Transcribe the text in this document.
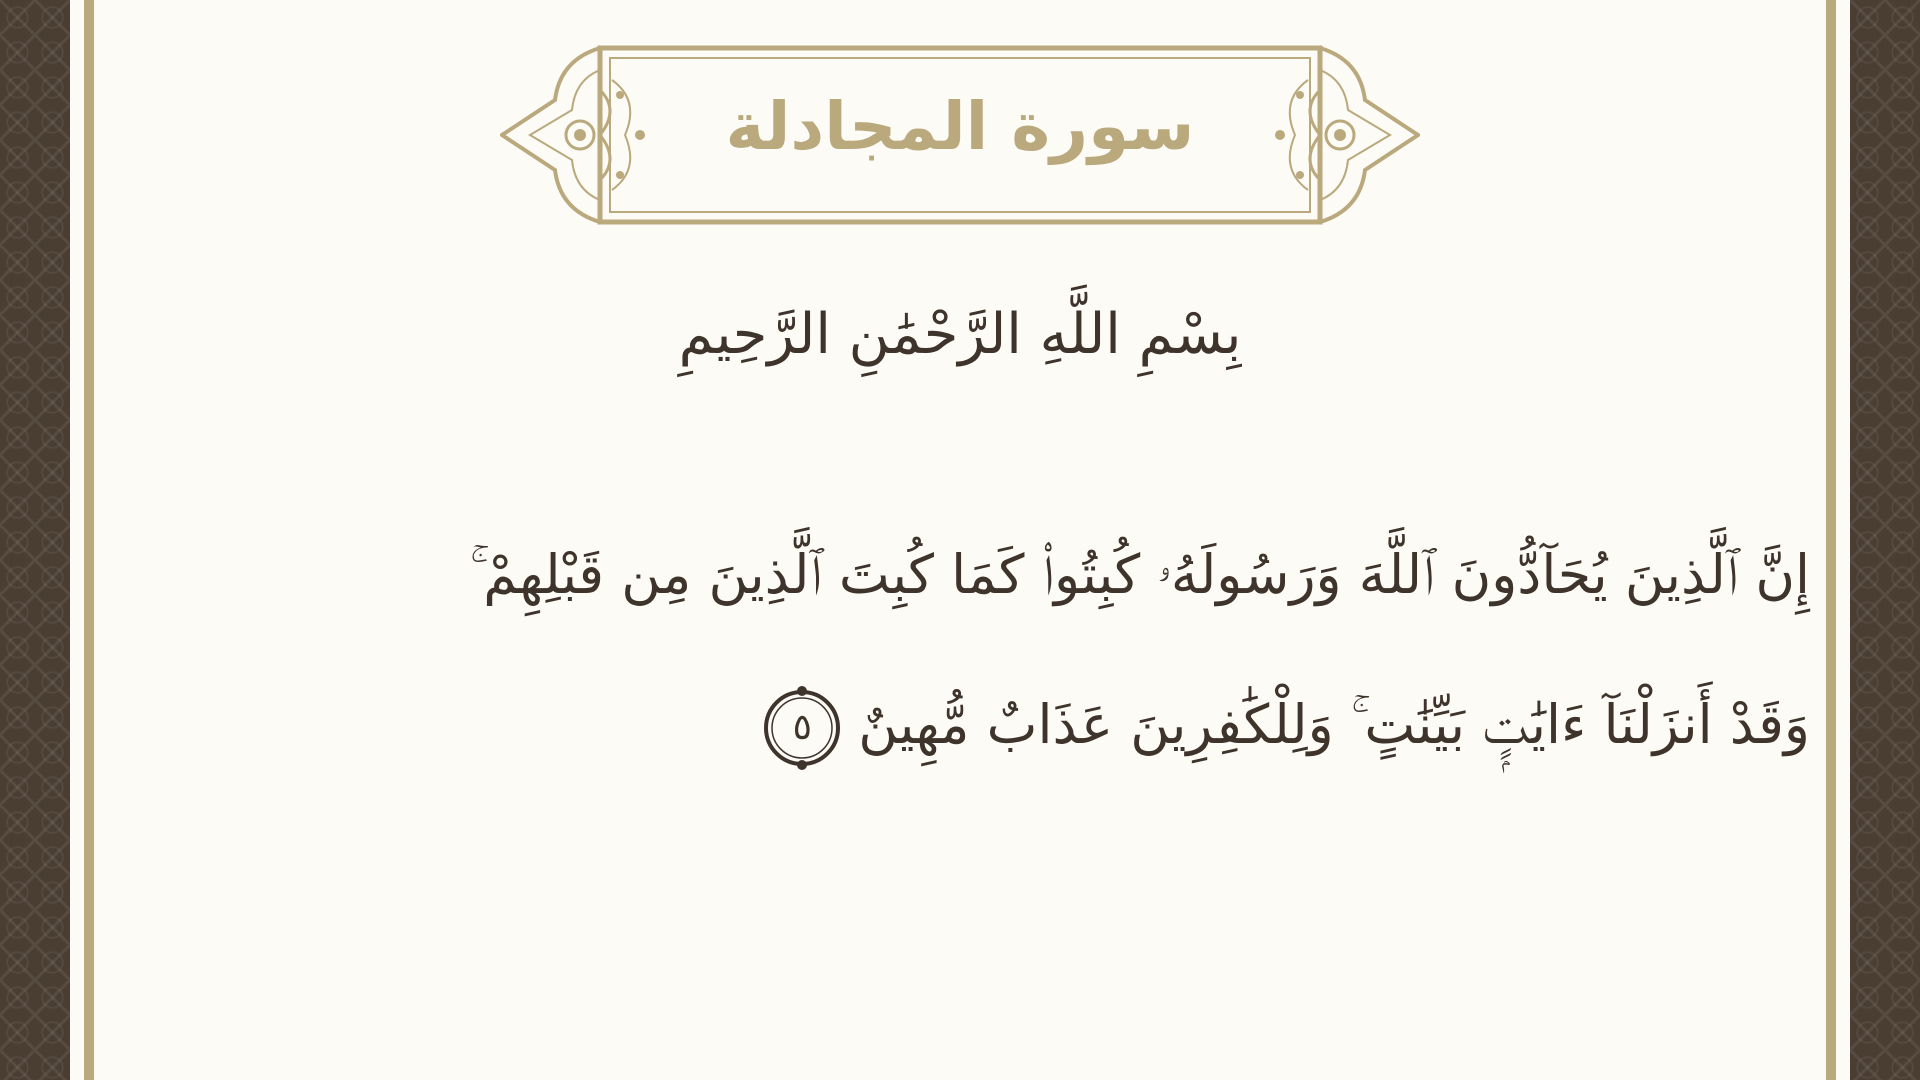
سورة المجادلة
بِسْمِ اللَّهِ الرَّحْمَٰنِ الرَّحِيمِ
إِنَّ ٱلَّذِينَ يُحَآدُّونَ ٱللَّهَ وَرَسُولَهُۥ كُبِتُوا۟ كَمَا كُبِتَ ٱلَّذِينَ مِن قَبْلِهِمْ ۚ
وَقَدْ أَنزَلْنَآ ءَايَٰتٍۭ بَيِّنَٰتٍ ۚ وَلِلْكَٰفِرِينَ عَذَابٌ مُّهِينٌ
٥
